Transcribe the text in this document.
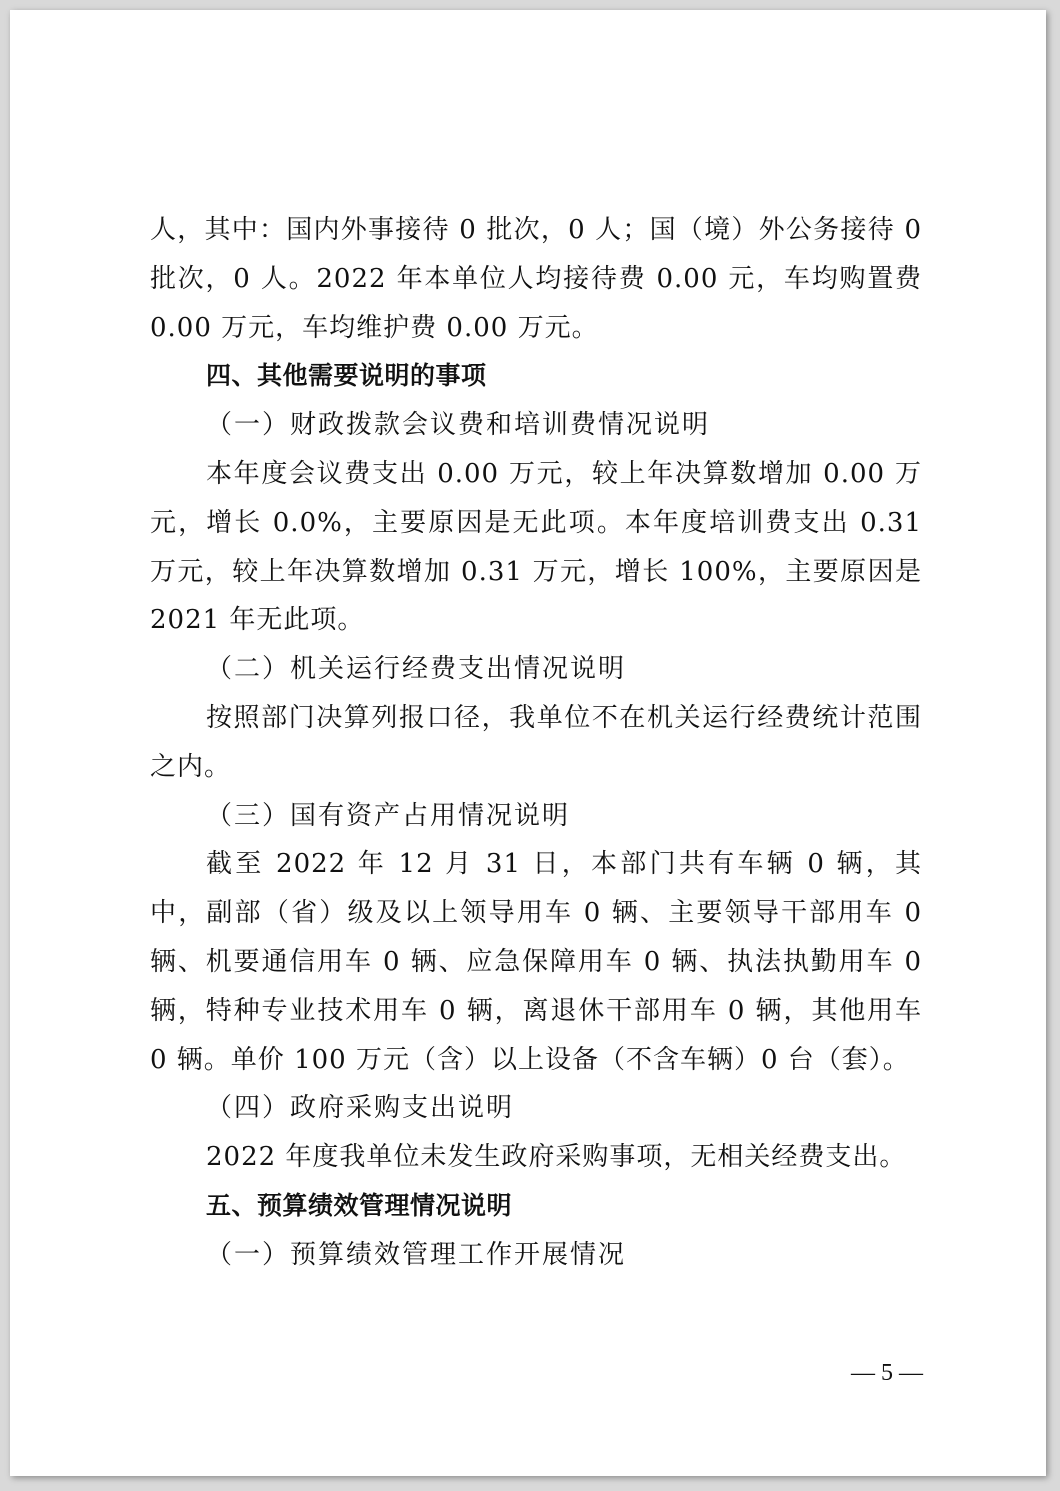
人，其中：国内外事接待 0 批次，0 人；国（境）外公务接待 0

批次，0 人。2022 年本单位人均接待费 0.00 元，车均购置费

0.00 万元，车均维护费 0.00 万元。

四、其他需要说明的事项

（一）财政拨款会议费和培训费情况说明

本年度会议费支出 0.00 万元，较上年决算数增加 0.00 万元，增长 0.0%，主要原因是无此项。本年度培训费支出 0.31 万元，较上年决算数增加 0.31 万元，增长 100%，主要原因是 2021 年无此项。

（二）机关运行经费支出情况说明

按照部门决算列报口径，我单位不在机关运行经费统计范围之内。

（三）国有资产占用情况说明

截至 2022 年 12 月 31 日，本部门共有车辆 0 辆，其中，副部（省）级及以上领导用车 0 辆、主要领导干部用车 0 辆、机要通信用车 0 辆、应急保障用车 0 辆、执法执勤用车 0 辆，特种专业技术用车 0 辆，离退休干部用车 0 辆，其他用车 0 辆。单价 100 万元（含）以上设备（不含车辆）0 台（套）。

（四）政府采购支出说明

2022 年度我单位未发生政府采购事项，无相关经费支出。

五、预算绩效管理情况说明

（一）预算绩效管理工作开展情况

— 5 —
